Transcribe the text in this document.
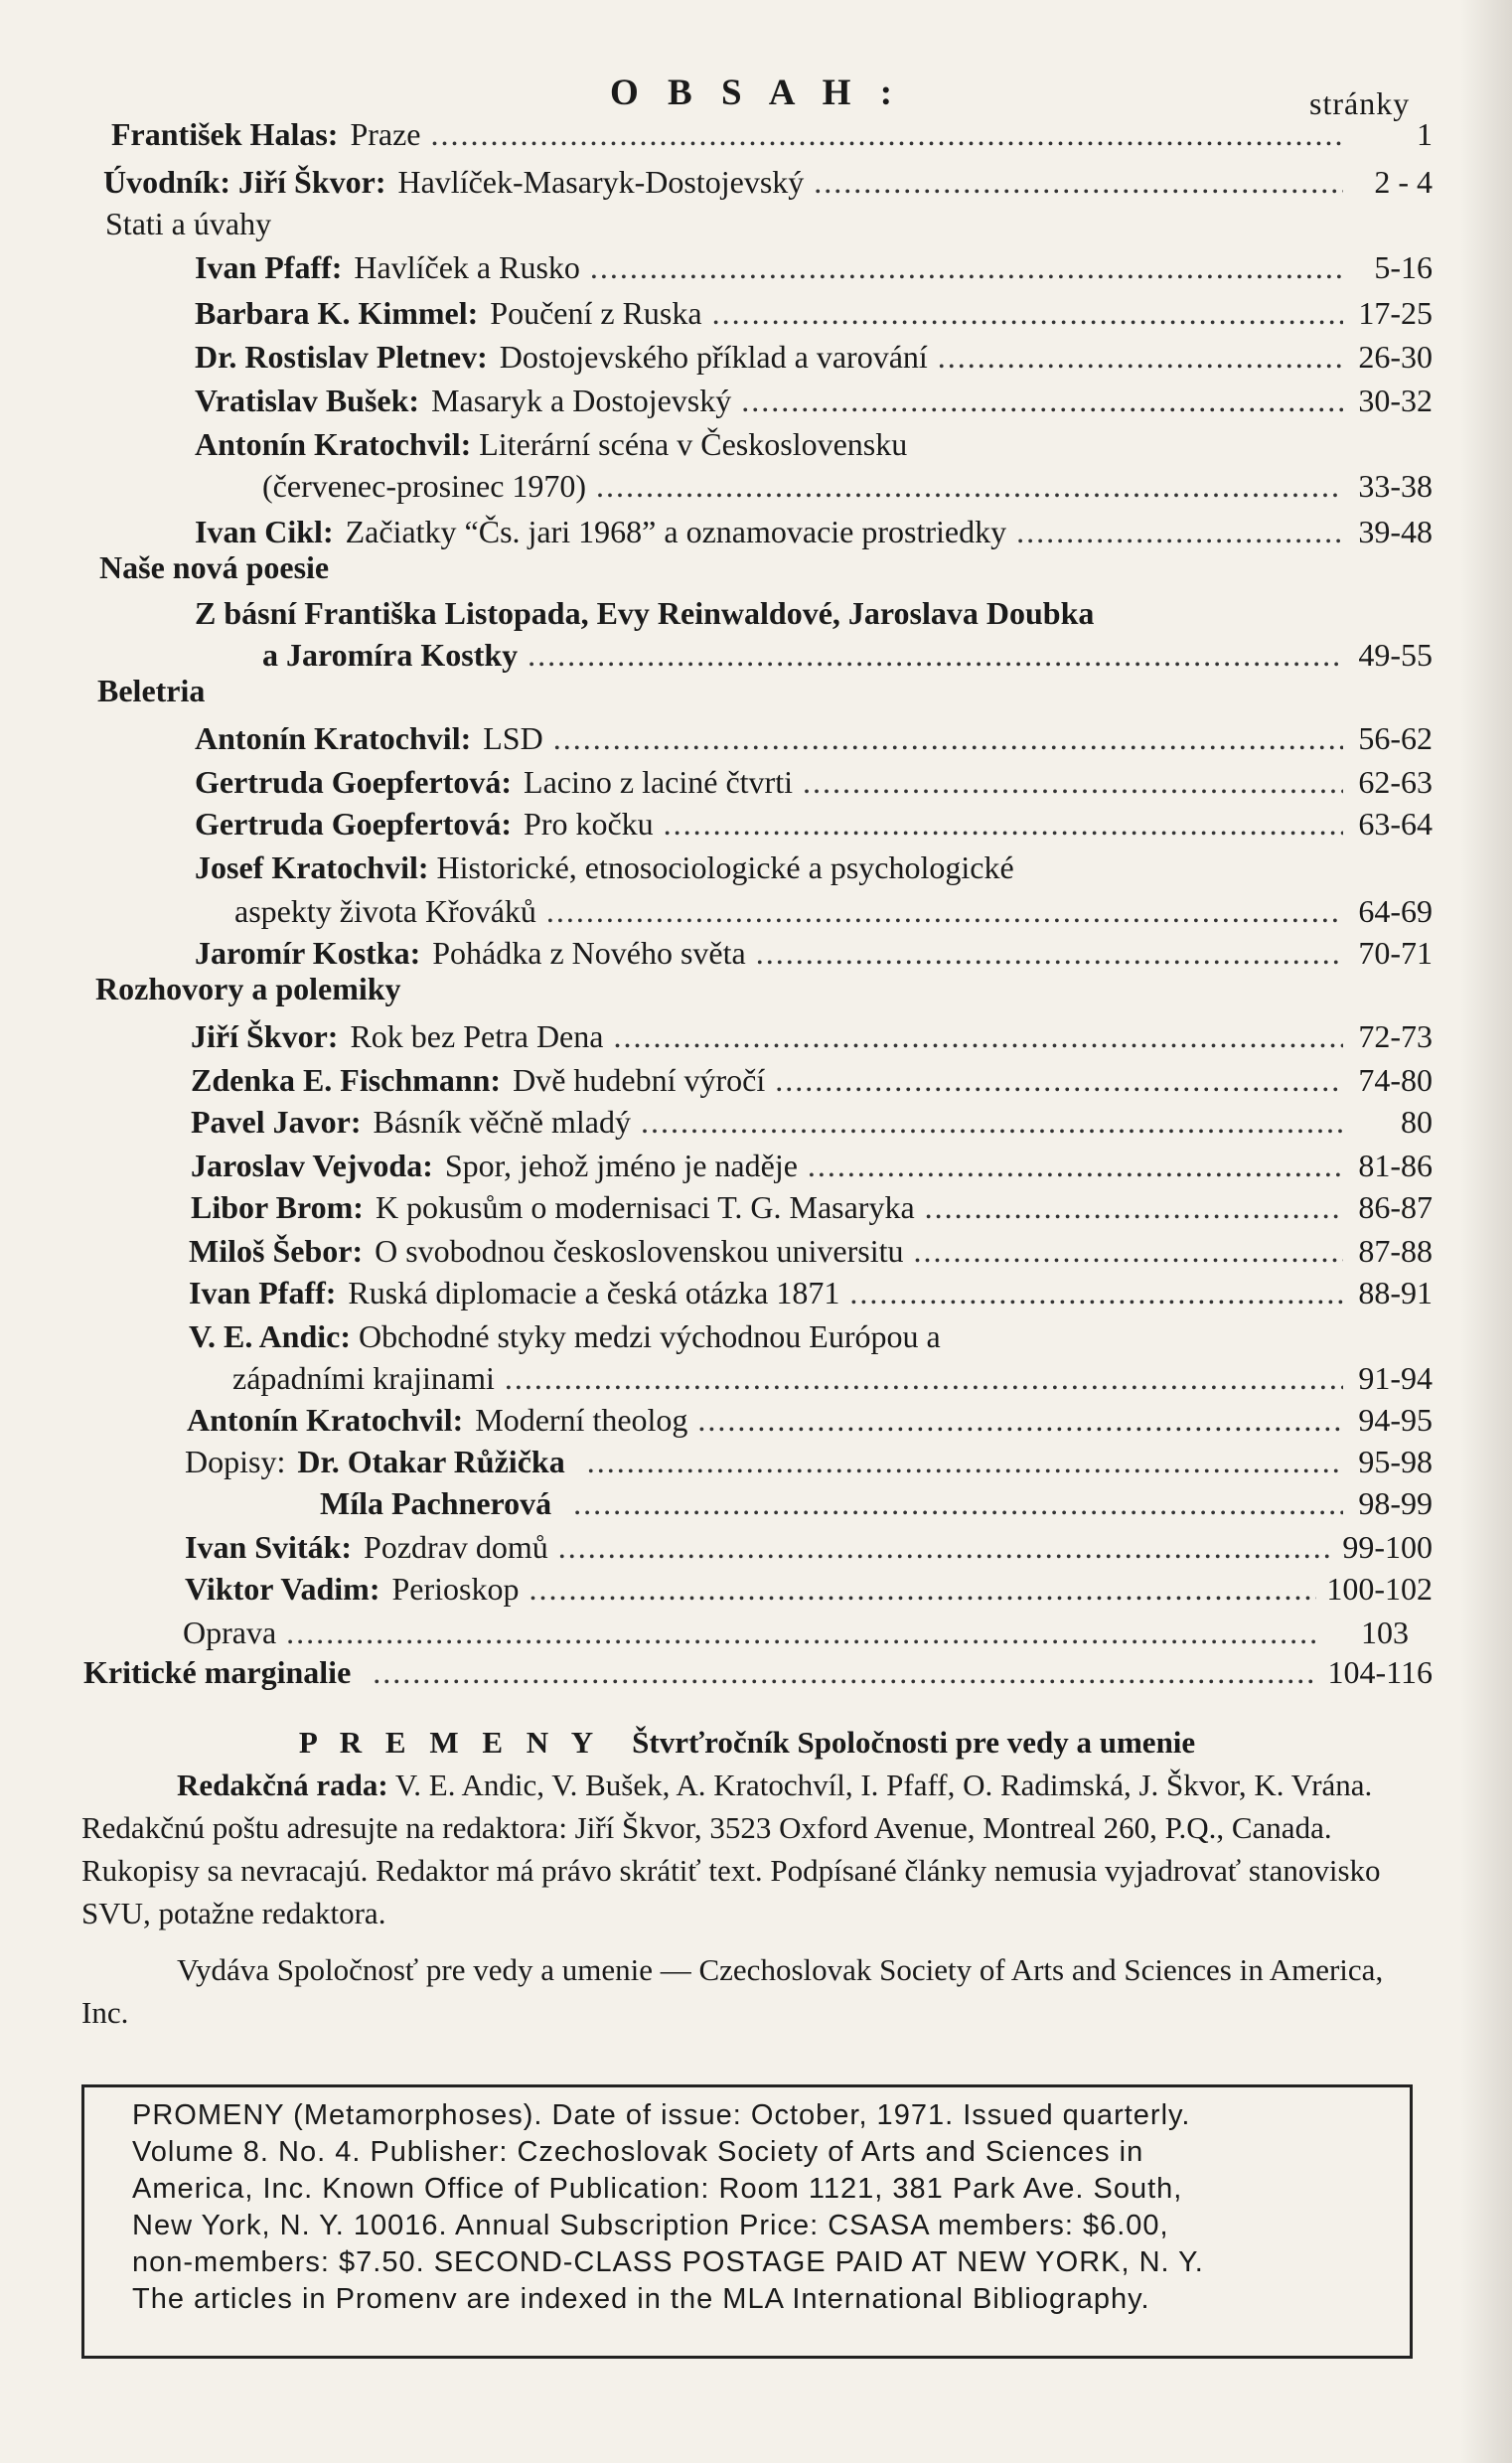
O B S A H :	stránky
František Halas: Praze .....	1
Úvodník: Jiří Škvor: Havlíček-Masaryk-Dostojevský .....	2 - 4
Stati a úvahy
Ivan Pfaff: Havlíček a Rusko .....	5-16
Barbara K. Kimmel: Poučení z Ruska .....	17-25
Dr. Rostislav Pletnev: Dostojevského příklad a varování .....	26-30
Vratislav Bušek: Masaryk a Dostojevský .....	30-32
Antonín Kratochvil: Literární scéna v Československu
(červenec-prosinec 1970) .....	33-38
Ivan Cikl: Začiatky “Čs. jari 1968” a oznamovacie prostriedky .....	39-48
Naše nová poesie
Z básní Františka Listopada, Evy Reinwaldové, Jaroslava Doubka
a Jaromíra Kostky .....	49-55
Beletria
Antonín Kratochvil: LSD .....	56-62
Gertruda Goepfertová: Lacino z laciné čtvrti .....	62-63
Gertruda Goepfertová: Pro kočku .....	63-64
Josef Kratochvil: Historické, etnosociologické a psychologické
aspekty života Křováků .....	64-69
Jaromír Kostka: Pohádka z Nového světa .....	70-71
Rozhovory a polemiky
Jiří Škvor: Rok bez Petra Dena .....	72-73
Zdenka E. Fischmann: Dvě hudební výročí .....	74-80
Pavel Javor: Básník věčně mladý .....	80
Jaroslav Vejvoda: Spor, jehož jméno je naděje .....	81-86
Libor Brom: K pokusům o modernisaci T. G. Masaryka .....	86-87
Miloš Šebor: O svobodnou československou universitu .....	87-88
Ivan Pfaff: Ruská diplomacie a česká otázka 1871 .....	88-91
V. E. Andic: Obchodné styky medzi východnou Európou a
západními krajinami .....	91-94
Antonín Kratochvil: Moderní theolog .....	94-95
Dopisy: Dr. Otakar Růžička .....	95-98
Míla Pachnerová .....	98-99
Ivan Sviták: Pozdrav domů .....	99-100
Viktor Vadim: Perioskop .....	100-102
Oprava .....	103
Kritické marginalie .....	104-116

P R E M E N Y Štvrťročník Spoločnosti pre vedy a umenie

Redakčná rada: V. E. Andic, V. Bušek, A. Kratochvíl, I. Pfaff, O. Radimská, J. Škvor, K. Vrána. Redakčnú poštu adresujte na redaktora: Jiří Škvor, 3523 Oxford Avenue, Montreal 260, P.Q., Canada. Rukopisy sa nevracajú. Redaktor má právo skrátiť text. Podpísané články nemusia vyjadrovať stanovisko SVU, potažne redaktora.

Vydáva Spoločnosť pre vedy a umenie — Czechoslovak Society of Arts and Sciences in America, Inc.

PROMENY (Metamorphoses). Date of issue: October, 1971. Issued quarterly.

Volume 8. No. 4. Publisher: Czechoslovak Society of Arts and Sciences in

America, Inc. Known Office of Publication: Room 1121, 381 Park Ave. South,

New York, N. Y. 10016. Annual Subscription Price: CSASA members: $6.00,

non-members: $7.50. SECOND-CLASS POSTAGE PAID AT NEW YORK, N. Y.

The articles in Promenv are indexed in the MLA International Bibliography.
